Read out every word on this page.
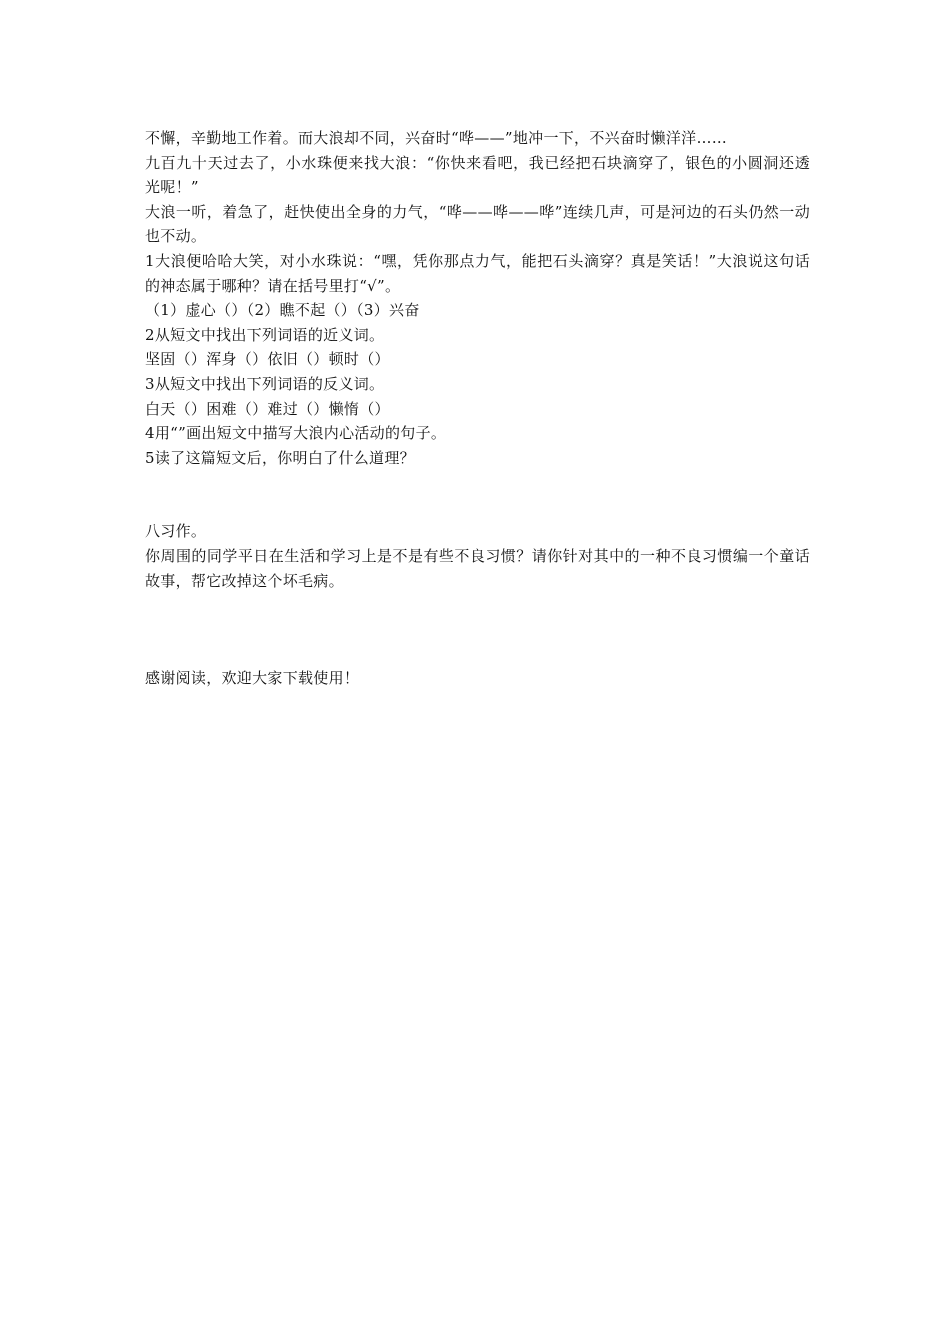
不懈，辛勤地工作着。而大浪却不同，兴奋时“哗——”地冲一下，不兴奋时懒洋洋……

九百九十天过去了，小水珠便来找大浪：“你快来看吧，我已经把石块滴穿了，银色的小圆洞还透光呢！”

大浪一听，着急了，赶快使出全身的力气，“哗——哗——哗”连续几声，可是河边的石头仍然一动也不动。

1大浪便哈哈大笑，对小水珠说：“嘿，凭你那点力气，能把石头滴穿？真是笑话！”大浪说这句话的神态属于哪种？请在括号里打“√”。

（1）虚心（）（2）瞧不起（）（3）兴奋

2从短文中找出下列词语的近义词。

坚固（）浑身（）依旧（）顿时（）

3从短文中找出下列词语的反义词。

白天（）困难（）难过（）懒惰（）

4用“”画出短文中描写大浪内心活动的句子。

5读了这篇短文后，你明白了什么道理？

八习作。

你周围的同学平日在生活和学习上是不是有些不良习惯？请你针对其中的一种不良习惯编一个童话故事，帮它改掉这个坏毛病。

感谢阅读，欢迎大家下载使用！
